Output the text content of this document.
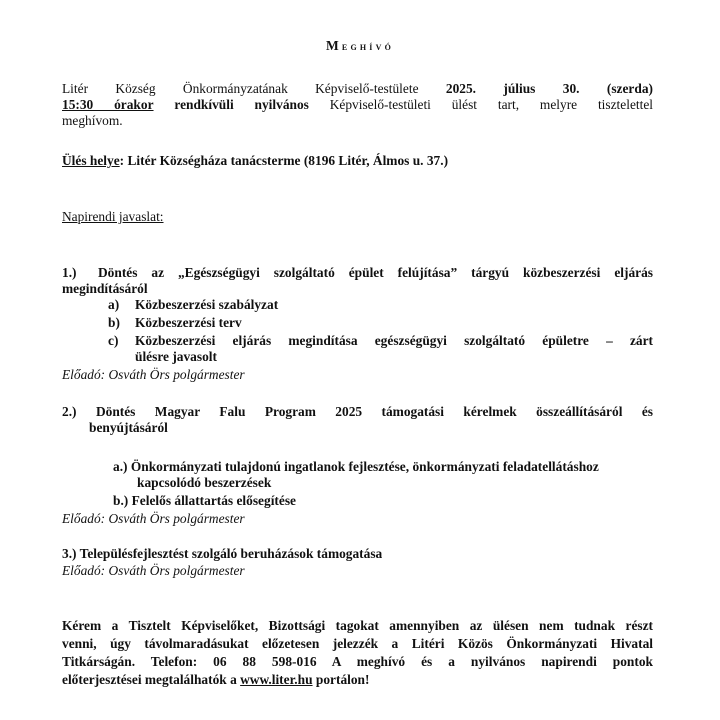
Meghívó
Litér Község Önkormányzatának Képviselő-testülete 2025. július 30. (szerda)
15:30 órakor rendkívüli nyilvános Képviselő-testületi ülést tart, melyre tisztelettel
meghívom.
Ülés helye: Litér Községháza tanácsterme (8196 Litér, Álmos u. 37.)
Napirendi javaslat:
1.) Döntés az „Egészségügyi szolgáltató épület felújítása” tárgyú közbeszerzési eljárás
megindításáról
a) Közbeszerzési szabályzat
b) Közbeszerzési terv
c) Közbeszerzési eljárás megindítása egészségügyi szolgáltató épületre – zárt
ülésre javasolt
Előadó: Osváth Örs polgármester
2.) Döntés Magyar Falu Program 2025 támogatási kérelmek összeállításáról és
benyújtásáról
a.) Önkormányzati tulajdonú ingatlanok fejlesztése, önkormányzati feladatellátáshoz
kapcsolódó beszerzések
b.) Felelős állattartás elősegítése
Előadó: Osváth Örs polgármester
3.) Településfejlesztést szolgáló beruházások támogatása
Előadó: Osváth Örs polgármester
Kérem a Tisztelt Képviselőket, Bizottsági tagokat amennyiben az ülésen nem tudnak részt
venni, úgy távolmaradásukat előzetesen jelezzék a Litéri Közös Önkormányzati Hivatal
Titkárságán. Telefon: 06 88 598-016 A meghívó és a nyilvános napirendi pontok
előterjesztései megtalálhatók a www.liter.hu portálon!
